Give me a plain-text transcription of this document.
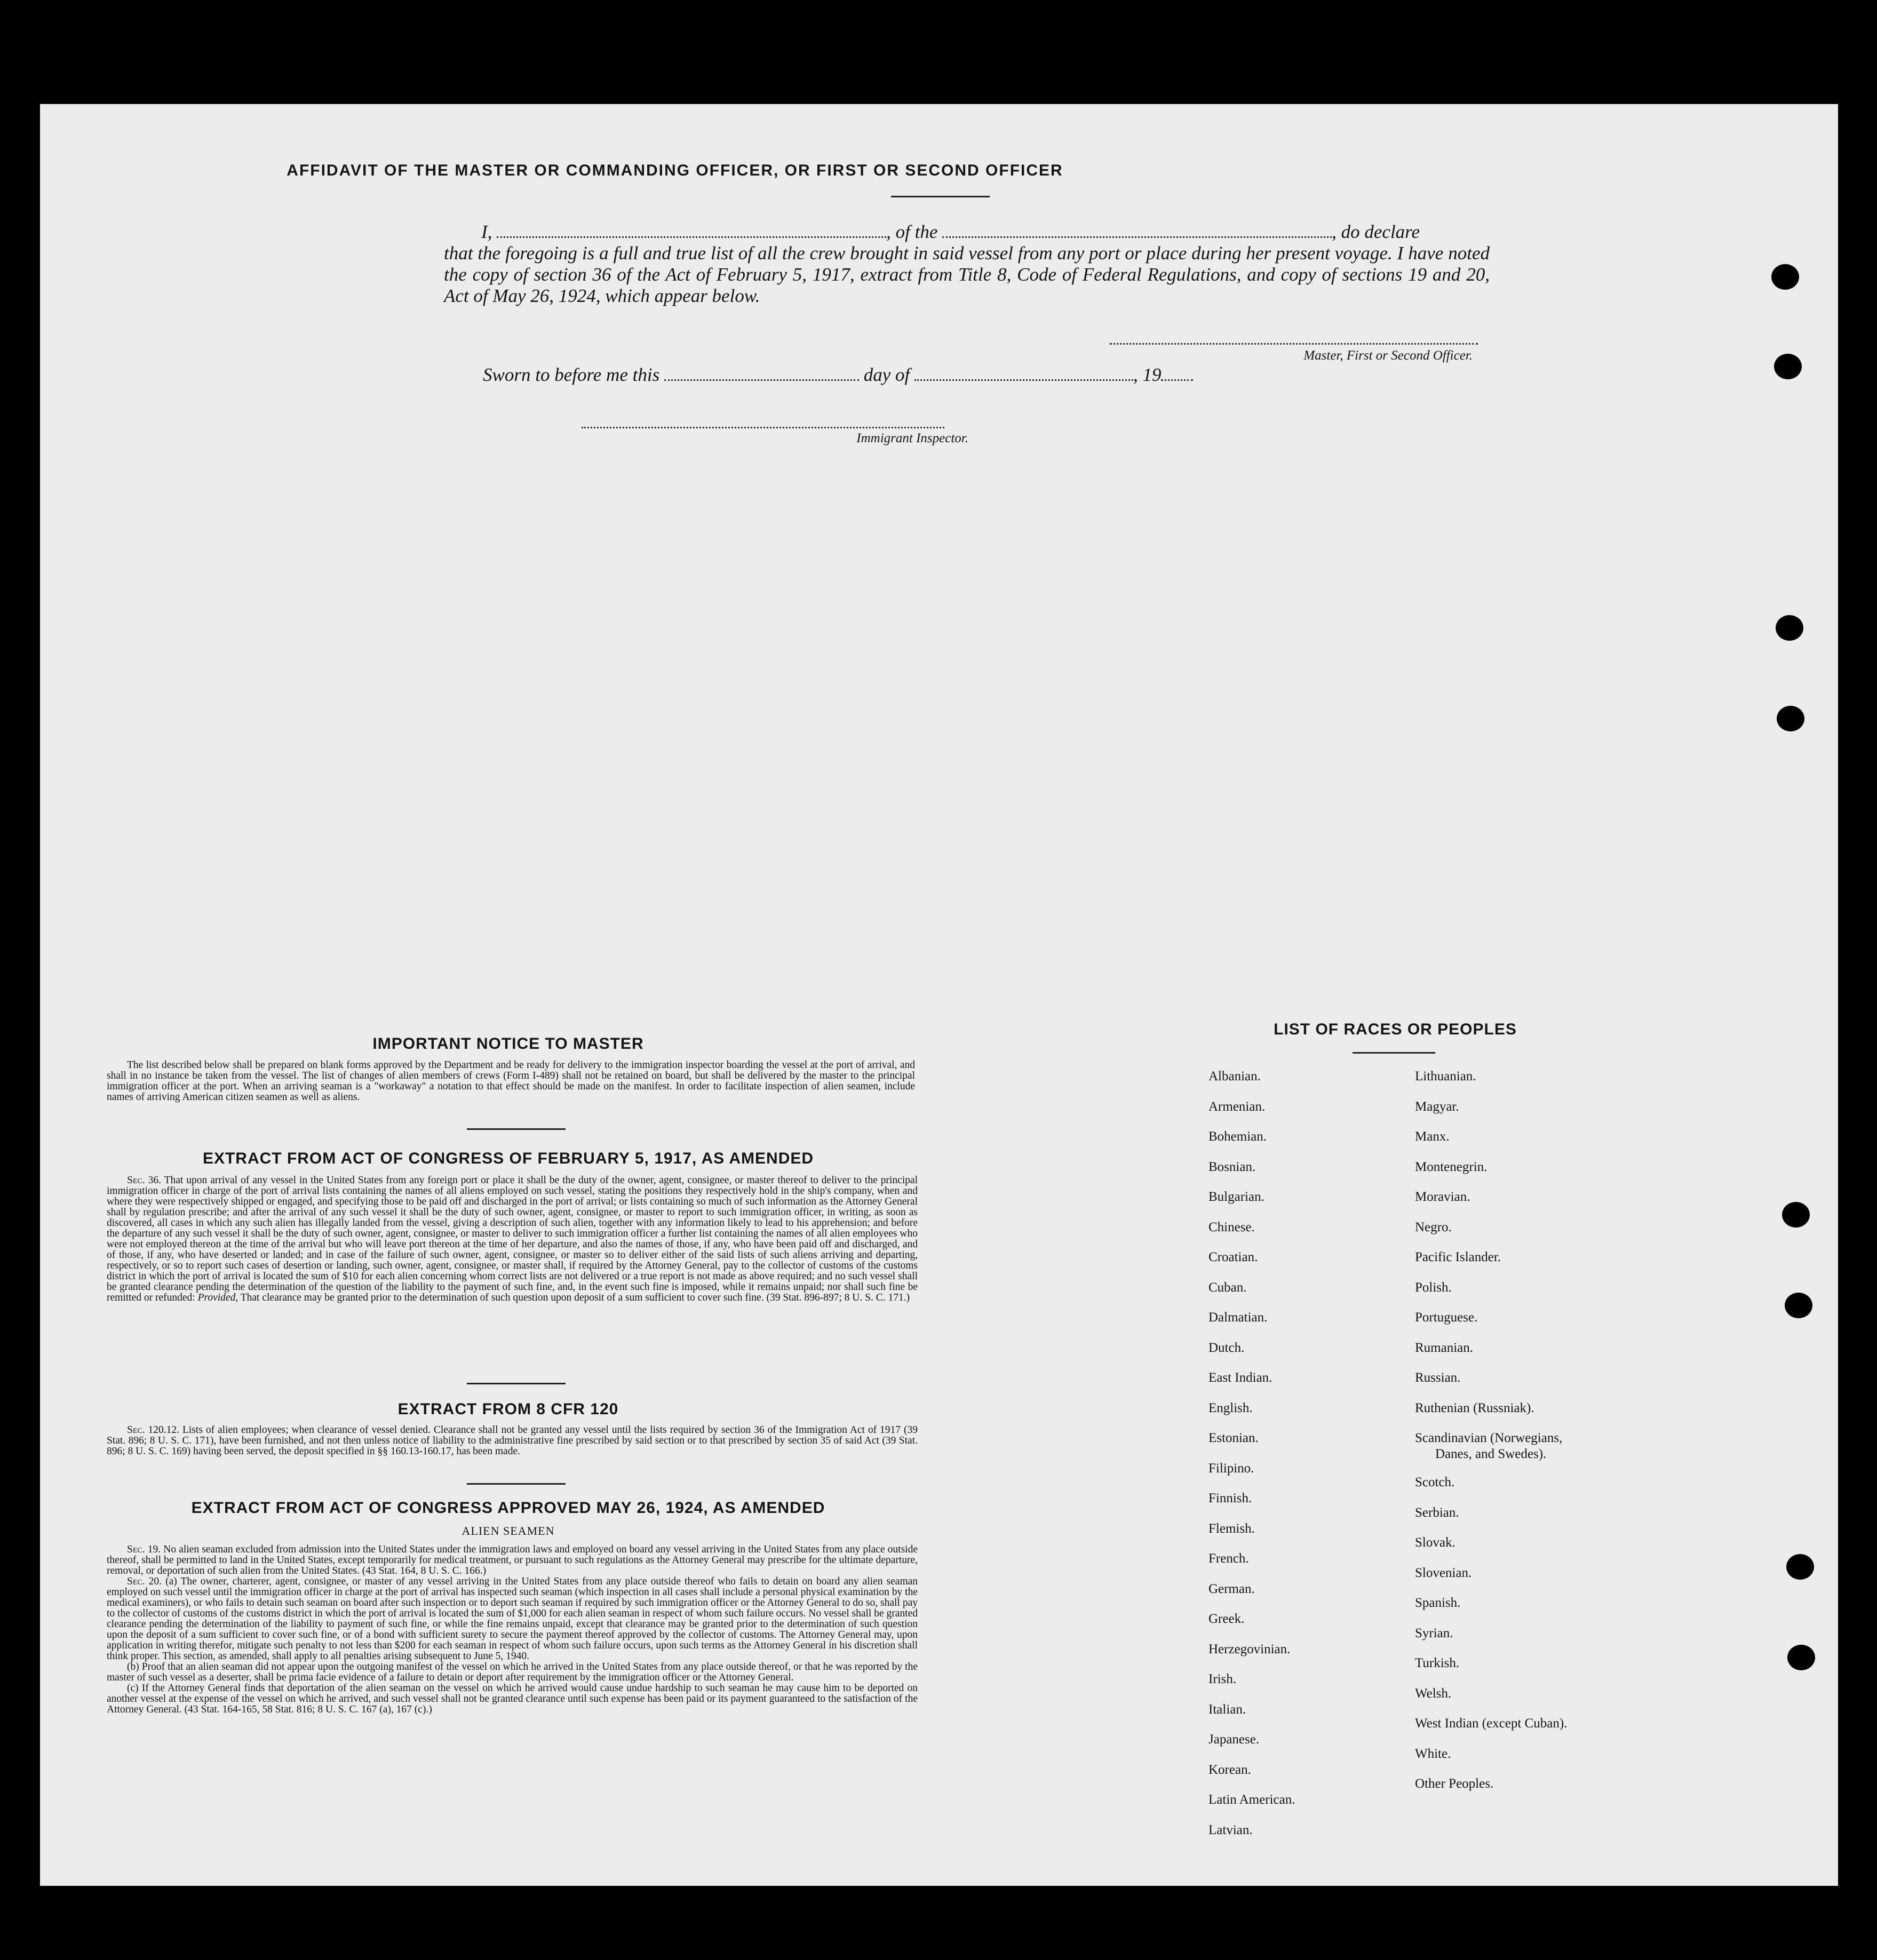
AFFIDAVIT OF THE MASTER OR COMMANDING OFFICER, OR FIRST OR SECOND OFFICER
I,	, of the	, do declare
that the foregoing is a full and true list of all the crew brought in said vessel from any port or place during her present voyage. I have noted the copy of section 36 of the Act of February 5, 1917, extract from Title 8, Code of Federal Regulations, and copy of sections 19 and 20, Act of May 26, 1924, which appear below.
Master, First or Second Officer.
Sworn to before me this	day of	, 19
Immigrant Inspector.
IMPORTANT NOTICE TO MASTER

The list described below shall be prepared on blank forms approved by the Department and be ready for delivery to the immigration inspector boarding the vessel at the port of arrival, and shall in no instance be taken from the vessel. The list of changes of alien members of crews (Form I-489) shall not be retained on board, but shall be delivered by the master to the principal immigration officer at the port. When an arriving seaman is a "workaway" a notation to that effect should be made on the manifest. In order to facilitate inspection of alien seamen, include names of arriving American citizen seamen as well as aliens.

EXTRACT FROM ACT OF CONGRESS OF FEBRUARY 5, 1917, AS AMENDED

Sec. 36. That upon arrival of any vessel in the United States from any foreign port or place it shall be the duty of the owner, agent, consignee, or master thereof to deliver to the principal immigration officer in charge of the port of arrival lists containing the names of all aliens employed on such vessel, stating the positions they respectively hold in the ship's company, when and where they were respectively shipped or engaged, and specifying those to be paid off and discharged in the port of arrival; or lists containing so much of such information as the Attorney General shall by regulation prescribe; and after the arrival of any such vessel it shall be the duty of such owner, agent, consignee, or master to report to such immigration officer, in writing, as soon as discovered, all cases in which any such alien has illegally landed from the vessel, giving a description of such alien, together with any information likely to lead to his apprehension; and before the departure of any such vessel it shall be the duty of such owner, agent, consignee, or master to deliver to such immigration officer a further list containing the names of all alien employees who were not employed thereon at the time of the arrival but who will leave port thereon at the time of her departure, and also the names of those, if any, who have been paid off and discharged, and of those, if any, who have deserted or landed; and in case of the failure of such owner, agent, consignee, or master so to deliver either of the said lists of such aliens arriving and departing, respectively, or so to report such cases of desertion or landing, such owner, agent, consignee, or master shall, if required by the Attorney General, pay to the collector of customs of the customs district in which the port of arrival is located the sum of $10 for each alien concerning whom correct lists are not delivered or a true report is not made as above required; and no such vessel shall be granted clearance pending the determination of the question of the liability to the payment of such fine, and, in the event such fine is imposed, while it remains unpaid; nor shall such fine be remitted or refunded: Provided, That clearance may be granted prior to the determination of such question upon deposit of a sum sufficient to cover such fine. (39 Stat. 896-897; 8 U. S. C. 171.)

EXTRACT FROM 8 CFR 120

Sec. 120.12. Lists of alien employees; when clearance of vessel denied. Clearance shall not be granted any vessel until the lists required by section 36 of the Immigration Act of 1917 (39 Stat. 896; 8 U. S. C. 171), have been furnished, and not then unless notice of liability to the administrative fine prescribed by said section or to that prescribed by section 35 of said Act (39 Stat. 896; 8 U. S. C. 169) having been served, the deposit specified in §§ 160.13-160.17, has been made.

EXTRACT FROM ACT OF CONGRESS APPROVED MAY 26, 1924, AS AMENDED
ALIEN SEAMEN

Sec. 19. No alien seaman excluded from admission into the United States under the immigration laws and employed on board any vessel arriving in the United States from any place outside thereof, shall be permitted to land in the United States, except temporarily for medical treatment, or pursuant to such regulations as the Attorney General may prescribe for the ultimate departure, removal, or deportation of such alien from the United States. (43 Stat. 164, 8 U. S. C. 166.)

Sec. 20. (a) The owner, charterer, agent, consignee, or master of any vessel arriving in the United States from any place outside thereof who fails to detain on board any alien seaman employed on such vessel until the immigration officer in charge at the port of arrival has inspected such seaman (which inspection in all cases shall include a personal physical examination by the medical examiners), or who fails to detain such seaman on board after such inspection or to deport such seaman if required by such immigration officer or the Attorney General to do so, shall pay to the collector of customs of the customs district in which the port of arrival is located the sum of $1,000 for each alien seaman in respect of whom such failure occurs. No vessel shall be granted clearance pending the determination of the liability to payment of such fine, or while the fine remains unpaid, except that clearance may be granted prior to the determination of such question upon the deposit of a sum sufficient to cover such fine, or of a bond with sufficient surety to secure the payment thereof approved by the collector of customs. The Attorney General may, upon application in writing therefor, mitigate such penalty to not less than $200 for each seaman in respect of whom such failure occurs, upon such terms as the Attorney General in his discretion shall think proper. This section, as amended, shall apply to all penalties arising subsequent to June 5, 1940.

(b) Proof that an alien seaman did not appear upon the outgoing manifest of the vessel on which he arrived in the United States from any place outside thereof, or that he was reported by the master of such vessel as a deserter, shall be prima facie evidence of a failure to detain or deport after requirement by the immigration officer or the Attorney General.

(c) If the Attorney General finds that deportation of the alien seaman on the vessel on which he arrived would cause undue hardship to such seaman he may cause him to be deported on another vessel at the expense of the vessel on which he arrived, and such vessel shall not be granted clearance until such expense has been paid or its payment guaranteed to the satisfaction of the Attorney General. (43 Stat. 164-165, 58 Stat. 816; 8 U. S. C. 167 (a), 167 (c).)

LIST OF RACES OR PEOPLES
Albanian.
Armenian.
Bohemian.
Bosnian.
Bulgarian.
Chinese.
Croatian.
Cuban.
Dalmatian.
Dutch.
East Indian.
English.
Estonian.
Filipino.
Finnish.
Flemish.
French.
German.
Greek.
Herzegovinian.
Irish.
Italian.
Japanese.
Korean.
Latin American.
Latvian.
Lithuanian.
Magyar.
Manx.
Montenegrin.
Moravian.
Negro.
Pacific Islander.
Polish.
Portuguese.
Rumanian.
Russian.
Ruthenian (Russniak).
Scandinavian (Norwegians,
Danes, and Swedes).
Scotch.
Serbian.
Slovak.
Slovenian.
Spanish.
Syrian.
Turkish.
Welsh.
West Indian (except Cuban).
White.
Other Peoples.
